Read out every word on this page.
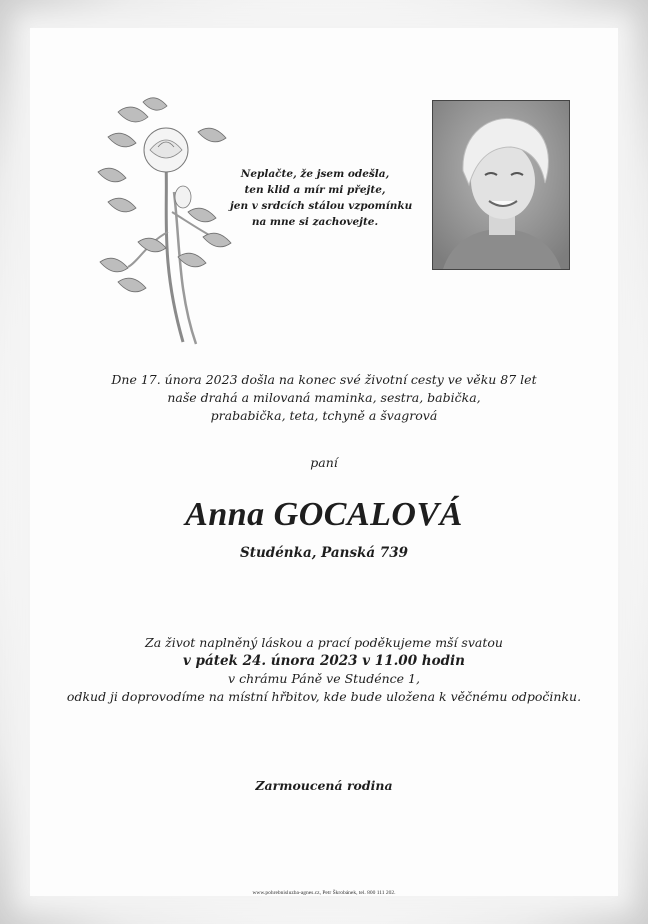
Neplačte, že jsem odešla,
ten klid a mír mi přejte,
jen v srdcích stálou vzpomínku
na mne si zachovejte.
Dne 17. února 2023 došla na konec své životní cesty ve věku 87 let
naše drahá a milovaná maminka, sestra, babička,
prababička, teta, tchyně a švagrová
paní
Anna GOCALOVÁ
Studénka, Panská 739
Za život naplněný láskou a prací poděkujeme mší svatou
v pátek 24. února 2023 v 11.00 hodin
v chrámu Páně ve Studénce 1,
odkud ji doprovodíme na místní hřbitov, kde bude uložena k věčnému odpočinku.
Zarmoucená rodina
www.pohrebnisluzba-agnes.cz, Petr Škrobánek, tel. 800 111 202.
